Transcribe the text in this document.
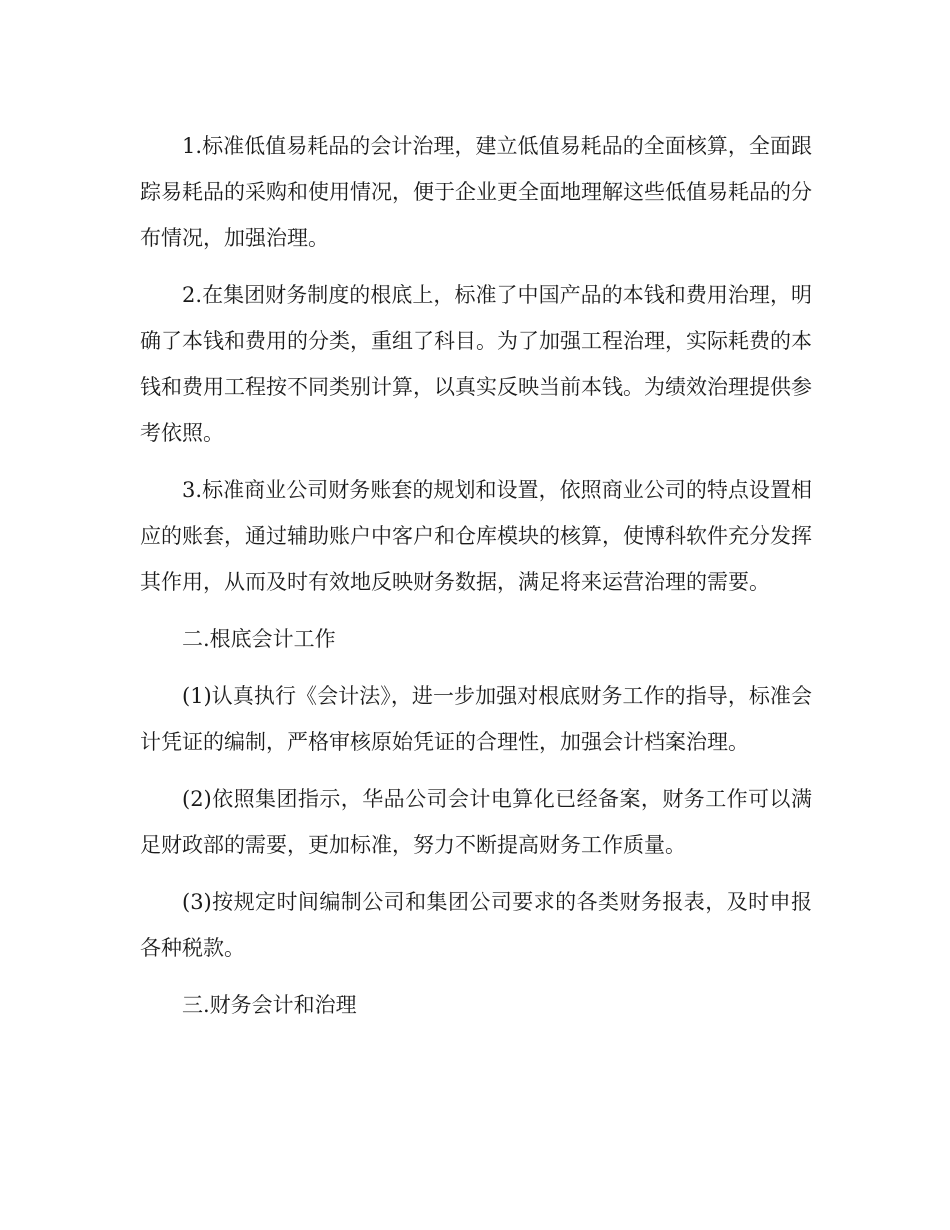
1.标准低值易耗品的会计治理，建立低值易耗品的全面核算，全面跟踪易耗品的采购和使用情况，便于企业更全面地理解这些低值易耗品的分布情况，加强治理。

2.在集团财务制度的根底上，标准了中国产品的本钱和费用治理，明确了本钱和费用的分类，重组了科目。为了加强工程治理，实际耗费的本钱和费用工程按不同类别计算，以真实反映当前本钱。为绩效治理提供参考依照。

3.标准商业公司财务账套的规划和设置，依照商业公司的特点设置相应的账套，通过辅助账户中客户和仓库模块的核算，使博科软件充分发挥其作用，从而及时有效地反映财务数据，满足将来运营治理的需要。

二.根底会计工作

(1)认真执行《会计法》，进一步加强对根底财务工作的指导，标准会计凭证的编制，严格审核原始凭证的合理性，加强会计档案治理。

(2)依照集团指示，华品公司会计电算化已经备案，财务工作可以满足财政部的需要，更加标准，努力不断提高财务工作质量。

(3)按规定时间编制公司和集团公司要求的各类财务报表，及时申报各种税款。

三.财务会计和治理
